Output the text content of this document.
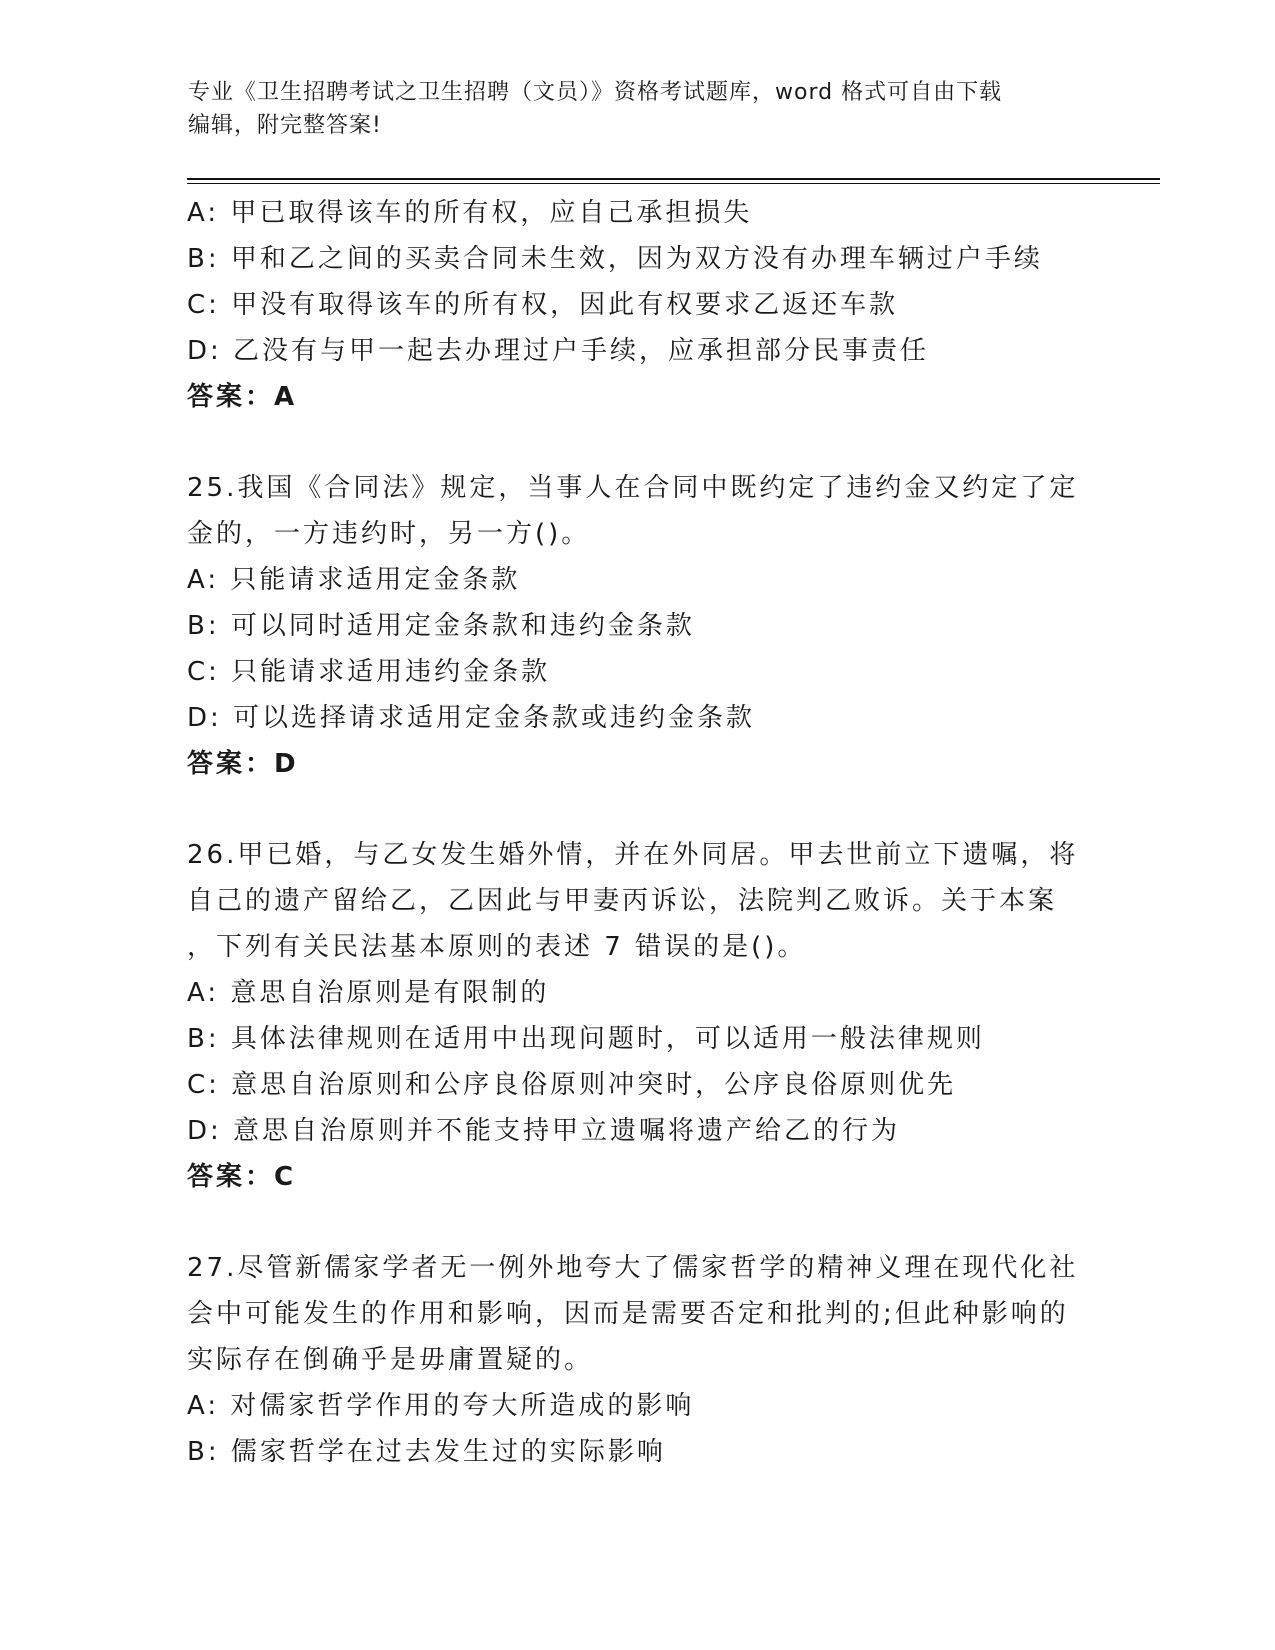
专业《卫生招聘考试之卫生招聘（文员）》资格考试题库，word 格式可自由下载
编辑，附完整答案!
A: 甲已取得该车的所有权，应自己承担损失
B: 甲和乙之间的买卖合同未生效，因为双方没有办理车辆过户手续
C: 甲没有取得该车的所有权，因此有权要求乙返还车款
D: 乙没有与甲一起去办理过户手续，应承担部分民事责任
答案：A
25.我国《合同法》规定，当事人在合同中既约定了违约金又约定了定
金的，一方违约时，另一方()。
A: 只能请求适用定金条款
B: 可以同时适用定金条款和违约金条款
C: 只能请求适用违约金条款
D: 可以选择请求适用定金条款或违约金条款
答案：D
26.甲已婚，与乙女发生婚外情，并在外同居。甲去世前立下遗嘱，将
自己的遗产留给乙，乙因此与甲妻丙诉讼，法院判乙败诉。关于本案
，下列有关民法基本原则的表述 7 错误的是()。
A: 意思自治原则是有限制的
B: 具体法律规则在适用中出现问题时，可以适用一般法律规则
C: 意思自治原则和公序良俗原则冲突时，公序良俗原则优先
D: 意思自治原则并不能支持甲立遗嘱将遗产给乙的行为
答案：C
27.尽管新儒家学者无一例外地夸大了儒家哲学的精神义理在现代化社
会中可能发生的作用和影响，因而是需要否定和批判的;但此种影响的
实际存在倒确乎是毋庸置疑的。
A: 对儒家哲学作用的夸大所造成的影响
B: 儒家哲学在过去发生过的实际影响
